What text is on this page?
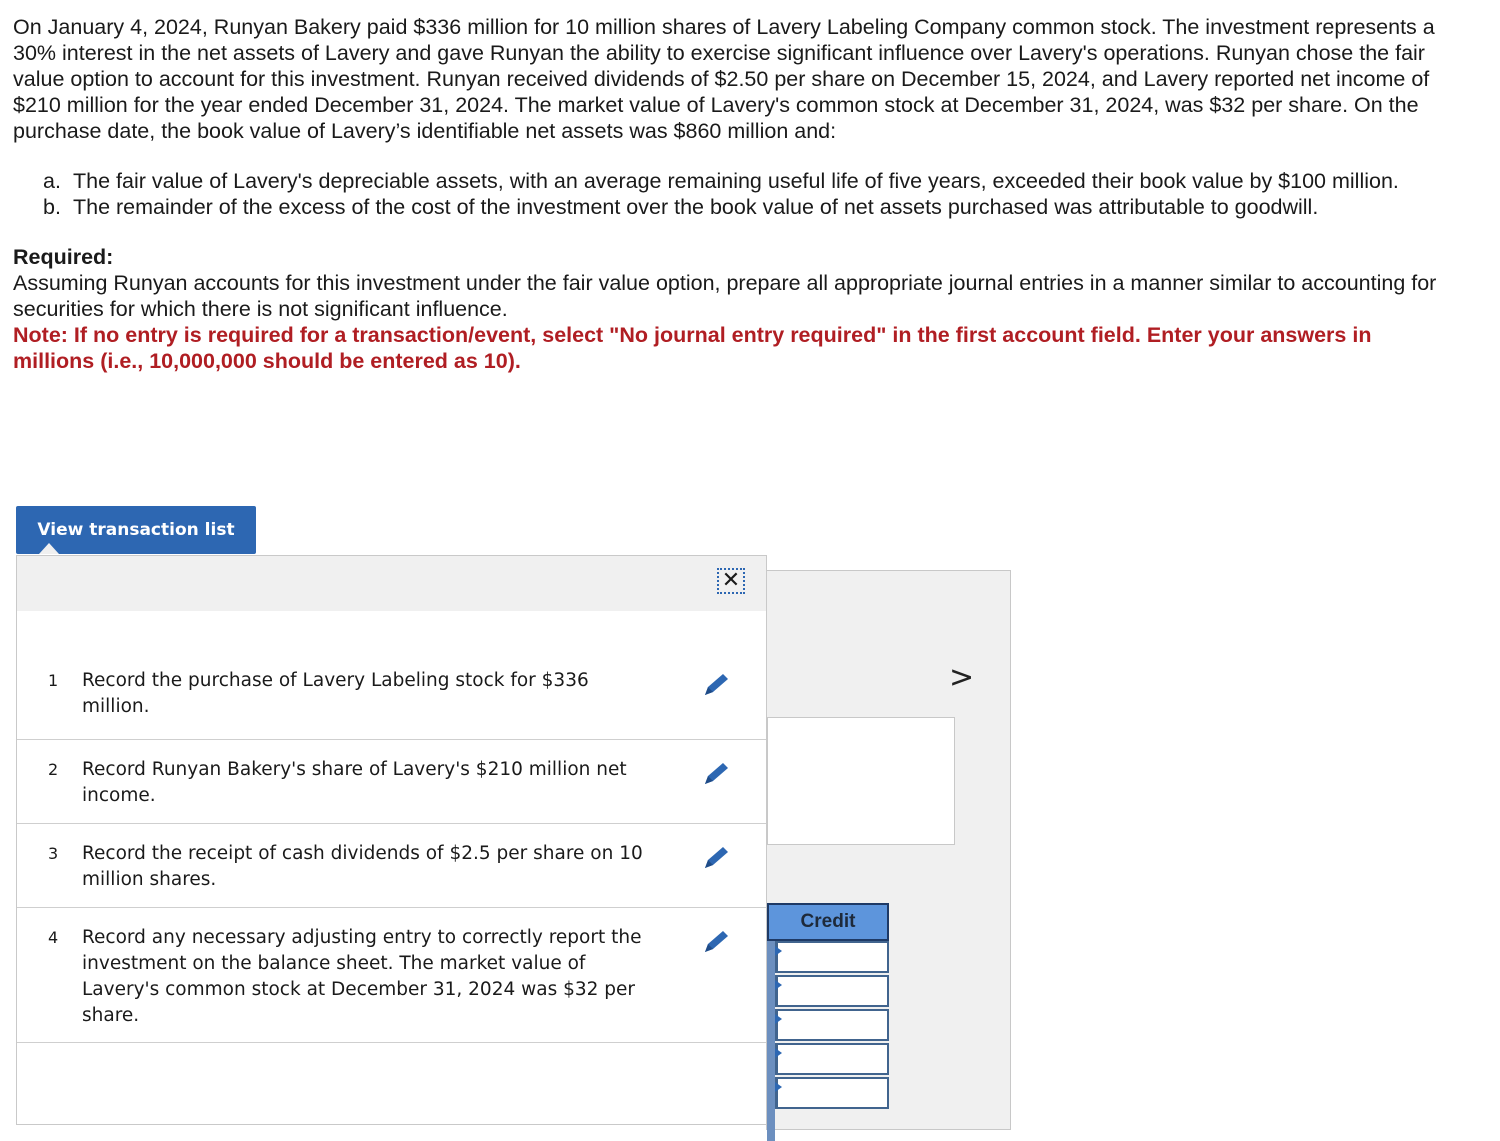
On January 4, 2024, Runyan Bakery paid $336 million for 10 million shares of Lavery Labeling Company common stock. The investment represents a 30% interest in the net assets of Lavery and gave Runyan the ability to exercise significant influence over Lavery's operations. Runyan chose the fair value option to account for this investment. Runyan received dividends of $2.50 per share on December 15, 2024, and Lavery reported net income of $210 million for the year ended December 31, 2024. The market value of Lavery's common stock at December 31, 2024, was $32 per share. On the purchase date, the book value of Lavery’s identifiable net assets was $860 million and:

a. The fair value of Lavery's depreciable assets, with an average remaining useful life of five years, exceeded their book value by $100 million.
b. The remainder of the excess of the cost of the investment over the book value of net assets purchased was attributable to goodwill.

Required:

Assuming Runyan accounts for this investment under the fair value option, prepare all appropriate journal entries in a manner similar to accounting for securities for which there is not significant influence.

Note: If no entry is required for a transaction/event, select "No journal entry required" in the first account field. Enter your answers in millions (i.e., 10,000,000 should be entered as 10).

View transaction list
>
Credit
✕
1 Record the purchase of Lavery Labeling stock for $336 million.
2 Record Runyan Bakery's share of Lavery's $210 million net income.
3 Record the receipt of cash dividends of $2.5 per share on 10 million shares.
4 Record any necessary adjusting entry to correctly report the investment on the balance sheet. The market value of Lavery's common stock at December 31, 2024 was $32 per share.
